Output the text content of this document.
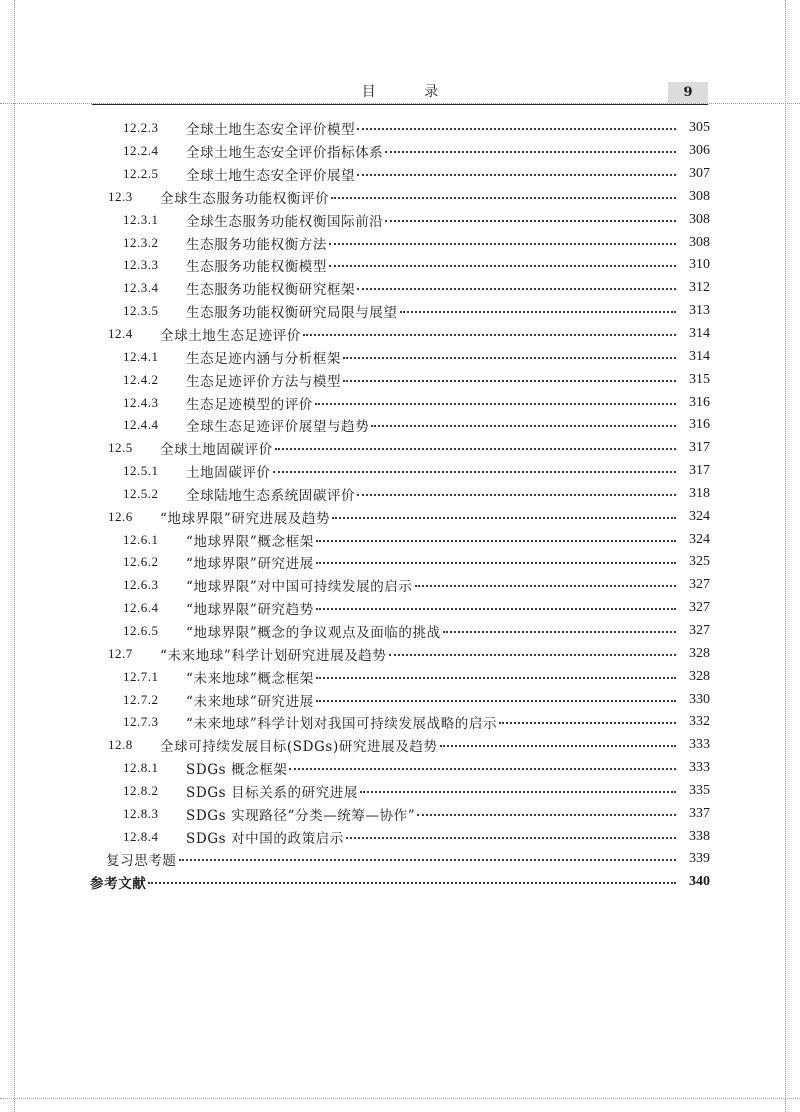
目 录	9
12.2.3	全球土地生态安全评价模型	305
12.2.4	全球土地生态安全评价指标体系	306
12.2.5	全球土地生态安全评价展望	307
12.3	全球生态服务功能权衡评价	308
12.3.1	全球生态服务功能权衡国际前沿	308
12.3.2	生态服务功能权衡方法	308
12.3.3	生态服务功能权衡模型	310
12.3.4	生态服务功能权衡研究框架	312
12.3.5	生态服务功能权衡研究局限与展望	313
12.4	全球土地生态足迹评价	314
12.4.1	生态足迹内涵与分析框架	314
12.4.2	生态足迹评价方法与模型	315
12.4.3	生态足迹模型的评价	316
12.4.4	全球生态足迹评价展望与趋势	316
12.5	全球土地固碳评价	317
12.5.1	土地固碳评价	317
12.5.2	全球陆地生态系统固碳评价	318
12.6	“地球界限”研究进展及趋势	324
12.6.1	“地球界限”概念框架	324
12.6.2	“地球界限”研究进展	325
12.6.3	“地球界限”对中国可持续发展的启示	327
12.6.4	“地球界限”研究趋势	327
12.6.5	“地球界限”概念的争议观点及面临的挑战	327
12.7	“未来地球”科学计划研究进展及趋势	328
12.7.1	“未来地球”概念框架	328
12.7.2	“未来地球”研究进展	330
12.7.3	“未来地球”科学计划对我国可持续发展战略的启示	332
12.8	全球可持续发展目标(SDGs)研究进展及趋势	333
12.8.1	SDGs 概念框架	333
12.8.2	SDGs 目标关系的研究进展	335
12.8.3	SDGs 实现路径“分类—统筹—协作”	337
12.8.4	SDGs 对中国的政策启示	338
复习思考题	339
参考文献	340
